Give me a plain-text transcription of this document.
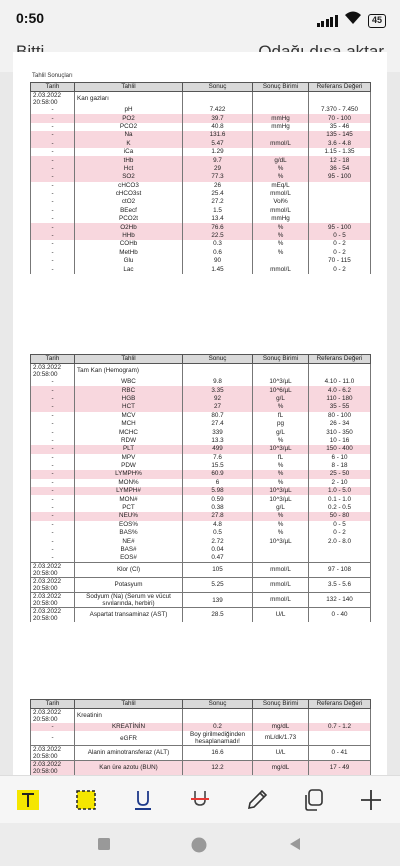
0:50	45
Tahlil Sonuçları
Tarih	Tahlil	Sonuç	Sonuç Birimi	Referans Değeri
2.03.2022 20:58:00	Kan gazları			
-	pH	7.422		7.370 - 7.450
-	PO2	39.7	mmHg	70 - 100
-	PCO2	40.8	mmHg	35 - 46
-	Na	131.6		135 - 145
-	K	5.47	mmol/L	3.6 - 4.8
-	iCa	1.29		1.15 - 1.35
-	tHb	9.7	g/dL	12 - 18
-	Hct	29	%	36 - 54
-	SO2	77.3	%	95 - 100
-	cHCO3	26	mEq/L	
-	cHCO3st	25.4	mmol/L	
-	ctO2	27.2	Vol%	
-	BEecf	1.5	mmol/L	
-	PCO2t	13.4	mmHg	
-	O2Hb	76.6	%	95 - 100
-	HHb	22.5	%	0 - 5
-	COHb	0.3	%	0 - 2
-	MetHb	0.6	%	0 - 2
-	Glu	90		70 - 115
-	Lac	1.45	mmol/L	0 - 2
Tarih	Tahlil	Sonuç	Sonuç Birimi	Referans Değeri
2.03.2022 20:58:00	Tam Kan (Hemogram)			
-	WBC	9.8	10^3/µL	4.10 - 11.0
-	RBC	3.35	10^6/µL	4.0 - 6.2
-	HGB	92	g/L	110 - 180
-	HCT	27	%	35 - 55
-	MCV	80.7	fL	80 - 100
-	MCH	27.4	pg	26 - 34
-	MCHC	339	g/L	310 - 350
-	RDW	13.3	%	10 - 16
-	PLT	499	10^3/µL	150 - 400
-	MPV	7.6	fL	6 - 10
-	PDW	15.5	%	8 - 18
-	LYMPH%	60.9	%	25 - 50
-	MON%	6	%	2 - 10
-	LYMPH#	5.98	10^3/µL	1.0 - 5.0
-	MON#	0.59	10^3/µL	0.1 - 1.0
-	PCT	0.38	g/L	0.2 - 0.5
-	NEU%	27.8	%	50 - 80
-	EOS%	4.8	%	0 - 5
-	BAS%	0.5	%	0 - 2
-	NE#	2.72	10^3/µL	2.0 - 8.0
-	BAS#	0.04		
-	EOS#	0.47		
2.03.2022 20:58:00	Klor (Cl)	105	mmol/L	97 - 108
2.03.2022 20:58:00	Potasyum	5.25	mmol/L	3.5 - 5.6
2.03.2022 20:58:00	Sodyum (Na) (Serum ve vücut sıvılarında, herbiri)	139	mmol/L	132 - 140
2.03.2022 20:58:00	Aspartat transaminaz (AST)	28.5	U/L	0 - 40
Tarih	Tahlil	Sonuç	Sonuç Birimi	Referans Değeri
2.03.2022 20:58:00	Kreatinin			
-	KREATİNİN	0.2	mg/dL	0.7 - 1.2
-	eGFR	Boy girilmediğinden hesaplanamadı!	mL/dk/1.73	
2.03.2022 20:58:00	Alanin aminotransferaz (ALT)	16.6	U/L	0 - 41
2.03.2022 20:58:00	Kan üre azotu (BUN)	12.2	mg/dL	17 - 49
